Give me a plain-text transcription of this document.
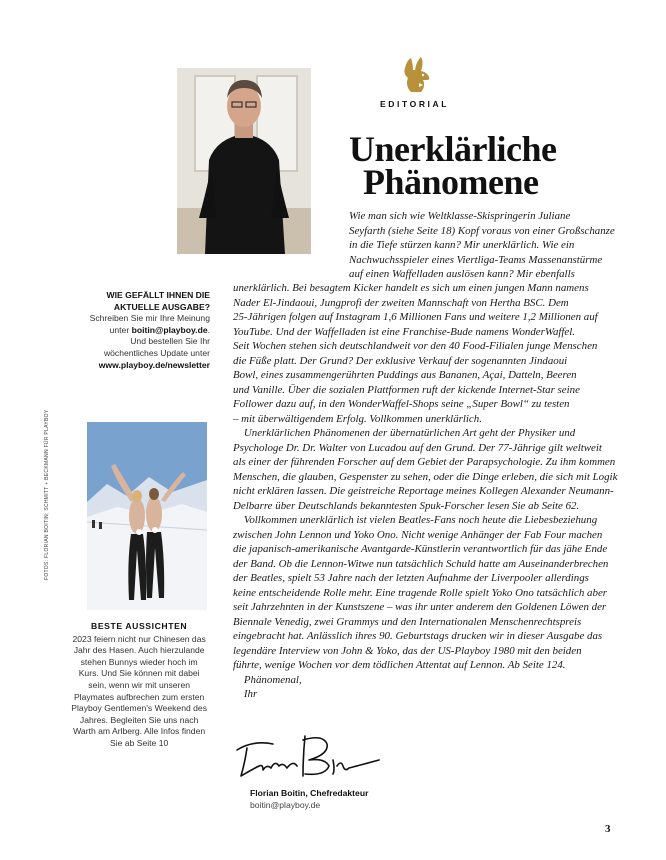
EDITORIAL
Unerklärliche
Phänomene
Wie man sich wie Weltklasse-Skispringerin Juliane
Seyfarth (siehe Seite 18) Kopf voraus von einer Großschanze
in die Tiefe stürzen kann? Mir unerklärlich. Wie ein
Nachwuchsspieler eines Viertliga-Teams Massenanstürme
auf einen Waffelladen auslösen kann? Mir ebenfalls
unerklärlich. Bei besagtem Kicker handelt es sich um einen jungen Mann namens
Nader El-Jindaoui, Jungprofi der zweiten Mannschaft von Hertha BSC. Dem
25-Jährigen folgen auf Instagram 1,6 Millionen Fans und weitere 1,2 Millionen auf
YouTube. Und der Waffelladen ist eine Franchise-Bude namens WonderWaffel.
Seit Wochen stehen sich deutschlandweit vor den 40 Food-Filialen junge Menschen
die Füße platt. Der Grund? Der exklusive Verkauf der sogenannten Jindaoui
Bowl, eines zusammengerührten Puddings aus Bananen, Açai, Datteln, Beeren
und Vanille. Über die sozialen Plattformen ruft der kickende Internet-Star seine
Follower dazu auf, in den WonderWaffel-Shops seine „Super Bowl“ zu testen
– mit überwältigendem Erfolg. Vollkommen unerklärlich.
Unerklärlichen Phänomenen der übernatürlichen Art geht der Physiker und
Psychologe Dr. Dr. Walter von Lucadou auf den Grund. Der 77-Jährige gilt weltweit
als einer der führenden Forscher auf dem Gebiet der Parapsychologie. Zu ihm kommen
Menschen, die glauben, Gespenster zu sehen, oder die Dinge erleben, die sich mit Logik
nicht erklären lassen. Die geistreiche Reportage meines Kollegen Alexander Neumann-
Delbarre über Deutschlands bekanntesten Spuk-Forscher lesen Sie ab Seite 62.
Vollkommen unerklärlich ist vielen Beatles-Fans noch heute die Liebesbeziehung
zwischen John Lennon und Yoko Ono. Nicht wenige Anhänger der Fab Four machen
die japanisch-amerikanische Avantgarde-Künstlerin verantwortlich für das jähe Ende
der Band. Ob die Lennon-Witwe nun tatsächlich Schuld hatte am Auseinanderbrechen
der Beatles, spielt 53 Jahre nach der letzten Aufnahme der Liverpooler allerdings
keine entscheidende Rolle mehr. Eine tragende Rolle spielt Yoko Ono tatsächlich aber
seit Jahrzehnten in der Kunstszene – was ihr unter anderem den Goldenen Löwen der
Biennale Venedig, zwei Grammys und den Internationalen Menschenrechtspreis
eingebracht hat. Anlässlich ihres 90. Geburtstags drucken wir in dieser Ausgabe das
legendäre Interview von John & Yoko, das der US-Playboy 1980 mit den beiden
führte, wenige Wochen vor dem tödlichen Attentat auf Lennon. Ab Seite 124.
Phänomenal,
Ihr
WIE GEFÄLLT IHNEN DIE
AKTUELLE AUSGABE?
Schreiben Sie mir Ihre Meinung
unter boitin@playboy.de.
Und bestellen Sie Ihr
wöchentliches Update unter
www.playboy.de/newsletter
FOTOS: FLORIAN BOITIN; SCHMITT + BECKMANN FÜR PLAYBOY
BESTE AUSSICHTEN
2023 feiern nicht nur Chinesen das
Jahr des Hasen. Auch hierzulande
stehen Bunnys wieder hoch im
Kurs. Und Sie können mit dabei
sein, wenn wir mit unseren
Playmates aufbrechen zum ersten
Playboy Gentlemen's Weekend des
Jahres. Begleiten Sie uns nach
Warth am Arlberg. Alle Infos finden
Sie ab Seite 10
Florian Boitin, Chefredakteur
boitin@playboy.de
3
